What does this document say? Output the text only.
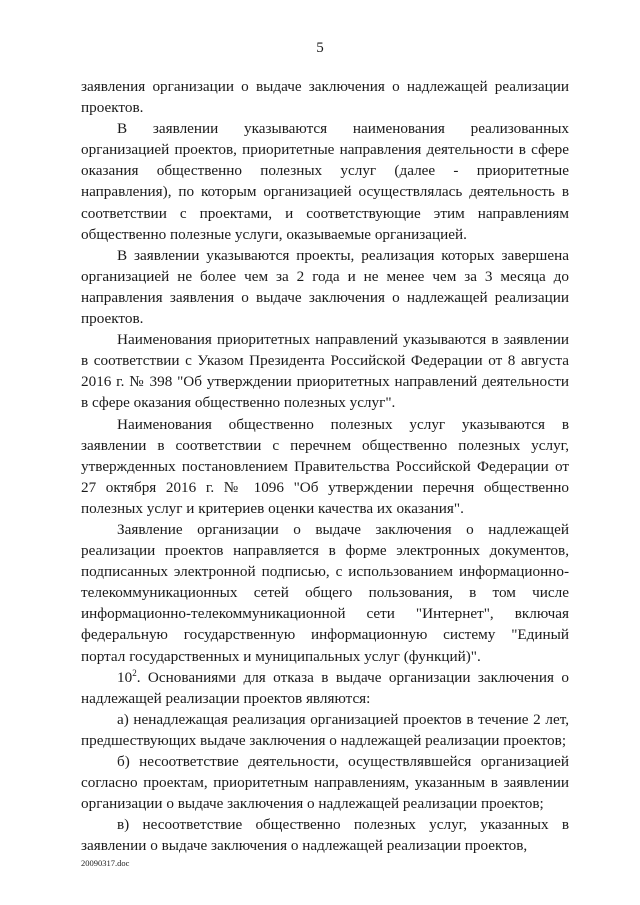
5

заявления организации о выдаче заключения о надлежащей реализации проектов.

В заявлении указываются наименования реализованных организацией проектов, приоритетные направления деятельности в сфере оказания общественно полезных услуг (далее - приоритетные направления), по которым организацией осуществлялась деятельность в соответствии с проектами, и соответствующие этим направлениям общественно полезные услуги, оказываемые организацией.

В заявлении указываются проекты, реализация которых завершена организацией не более чем за 2 года и не менее чем за 3 месяца до направления заявления о выдаче заключения о надлежащей реализации проектов.

Наименования приоритетных направлений указываются в заявлении в соответствии с Указом Президента Российской Федерации от 8 августа 2016 г. № 398 "Об утверждении приоритетных направлений деятельности в сфере оказания общественно полезных услуг".

Наименования общественно полезных услуг указываются в заявлении в соответствии с перечнем общественно полезных услуг, утвержденных постановлением Правительства Российской Федерации от 27 октября 2016 г. № 1096 "Об утверждении перечня общественно полезных услуг и критериев оценки качества их оказания".

Заявление организации о выдаче заключения о надлежащей реализации проектов направляется в форме электронных документов, подписанных электронной подписью, с использованием информационно-телекоммуникационных сетей общего пользования, в том числе информационно-телекоммуникационной сети "Интернет", включая федеральную государственную информационную систему "Единый портал государственных и муниципальных услуг (функций)".

$10^2$. Основаниями для отказа в выдаче организации заключения о надлежащей реализации проектов являются:

а) ненадлежащая реализация организацией проектов в течение 2 лет, предшествующих выдаче заключения о надлежащей реализации проектов;

б) несоответствие деятельности, осуществлявшейся организацией согласно проектам, приоритетным направлениям, указанным в заявлении организации о выдаче заключения о надлежащей реализации проектов;

в) несоответствие общественно полезных услуг, указанных в заявлении о выдаче заключения о надлежащей реализации проектов,

20090317.doc
